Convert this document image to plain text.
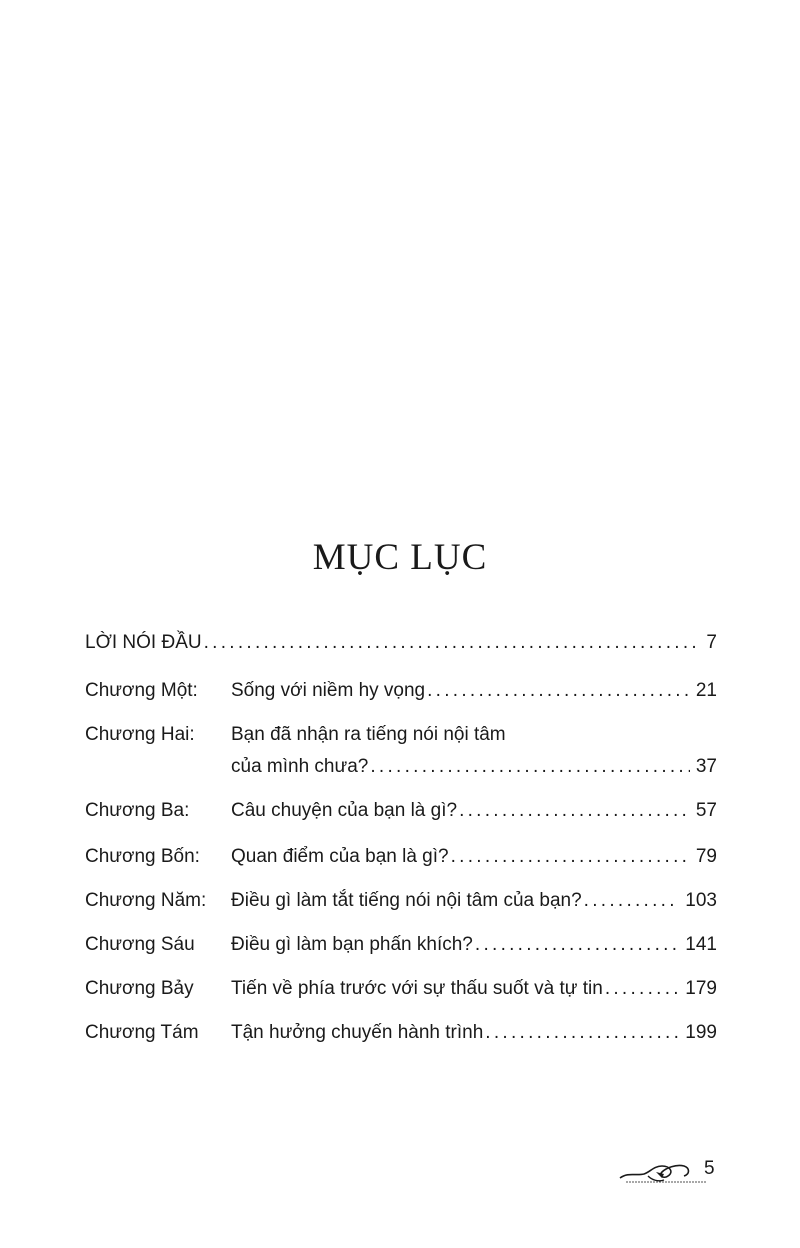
MỤC LỤC
LỜI NÓI ĐẦU . . .	7
Chương Một:	Sống với niềm hy vọng . . .	21
Chương Hai:	Bạn đã nhận ra tiếng nói nội tâm
của mình chưa? . . .	37
Chương Ba:	Câu chuyện của bạn là gì? . . .	57
Chương Bốn:	Quan điểm của bạn là gì? . . .	79
Chương Năm:	Điều gì làm tắt tiếng nói nội tâm của bạn? . . .	103
Chương Sáu	Điều gì làm bạn phấn khích? . . .	141
Chương Bảy	Tiến về phía trước với sự thấu suốt và tự tin . . .	179
Chương Tám	Tận hưởng chuyến hành trình . . .	199
5
